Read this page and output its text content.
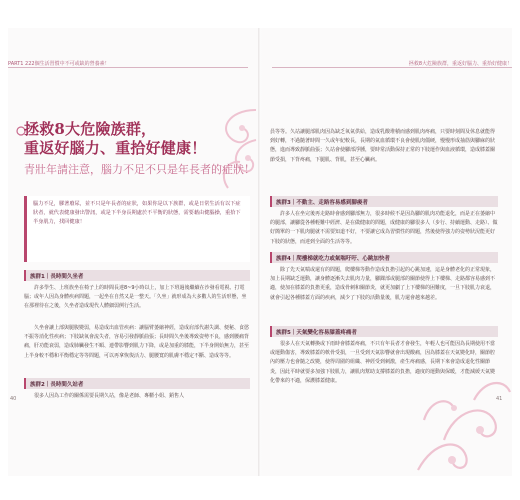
PART1 222個生活習慣中不可或缺的營養素！	拯救8大危險族群，重返好腦力、重拾好健康！
拯救8大危險族群，
重返好腦力、重拾好健康！
青壯年請注意，腦力不足不只是年長者的症狀！
腦力不足，膠著廢尿，並不只是年長者的症狀，如果你是以下族群，或是日常生活有以下症狀者，就代表健康發出警訊，或是下半身長期處於不平衡的狀態，需要藉由健腦操，重拾下半身肌力，找回健康！
族群1｜長時間久坐者
許多學生、上班族坐在椅子上的時間長達8~9小時以上，加上下班過後繼續在沙發看電視、打電腦；或年人因為身體疾病問題，一起坐在自然又是一整天。「久坐」就形成為大多數人的生活形態，坐在那裡待在之後，久坐者造成現代人體細弱例行生活。
久坐會讓上部與腿腹變弱，易造成出血管疾病：讓腦臂萎縮神經，造成肩部代謝失調、便秘、食慾不振等消化性疾病；下肢缺氧會流失者，容易引發靜脈曲張；長時間久坐後導致姿勢不良，感到腰痛背痛，肝功能衰弱，造成肺臟發生不順、連帶影響到肌力下降，或是加重的膝能，下半身開始無力，甚至上半身較不穩和平衡穩定等等問題，可以再拿恢復活力、腿腰寬的肌膚不穩定不斷、造成等等。
族群2｜長時間久站者
很多人因為工作的關係需要長期久站，像是老師、專櫃小姐、銷售人
40
員等等。久站讓腿部肌肉因為缺乏氧氣供給，造成乳酸堆積而感到肌肉疼痛，只要時刻間及休息就能得到好轉，不過隨著時間一久或年紀較長，長期的氣血循環不良會使肌肉僵硬，慢慢形成抽筋與腳麻的狀態，進而導致靜脈曲張；久站會使腳部浮腫，要時常活動保持正常的下肢運作與血液循環，造成膝蓋關節受損，下背疼痛，下腿肌、背肌，甚至心臟病。
族群3｜不動主、走路容易感到腳痠者
許多人在坐完後再走路時會感到腳部無力，很多時候不是因為腳的肌肉功能退化，而是正在萎縮中的腿部，讓腳從各種輕難中經濟、是在做健康的問題，成健康的腳很多人（步行、持續運動、走路）、做好簡單的一下肌肉腿就不需要知道不好，不要讓它成為習慣性的問題，然後使得強力的姿勢狀況能更好下肢的狀態，而達到全面的生活等等。
族群4｜爬樓梯就吃力或氣喘吁吁、心跳加快者
除了先天氣喘或還有的問題，爬樓梯等動作造成負擔引起的心跳加速，這是身體老化的正常現象，加上長期缺乏運動，讓身體逐漸失去肌肉力量，腳踝部或腿部的關節使得上下樓梯、走路都容易感到不適，使加在膝蓋的負擔更重，造成骨刺和關節炎，就更加劇了上下樓梯的困難度，一旦下肢肌力衰退，就會引起各種膝蓋方面的疾病，減少了下肢的活動量後，肌力還會越來越差。
族群5｜天氣變化容易膝蓋疼痛者
很多人在天氣轉換或下雨時會膝蓋疼痛，不只有年長者才會發生，年輕人也可能因為長期使用不當或運動傷害，導致膝蓋的軟骨受損，一旦受到天氣影響就會出現酸痛，因為膝蓋在天氣變化時，關節腔內的壓力也會隨之改變，使得周圍的組織、神經受到刺激，產生疼痛感，長期下來會造成退化性關節炎，因此平時就要多加強下肢肌力，讓肌肉幫助支撐膝蓋的負擔，適度的運動與保暖，才能減緩天氣變化帶來的不適，保護膝蓋健康。
41
